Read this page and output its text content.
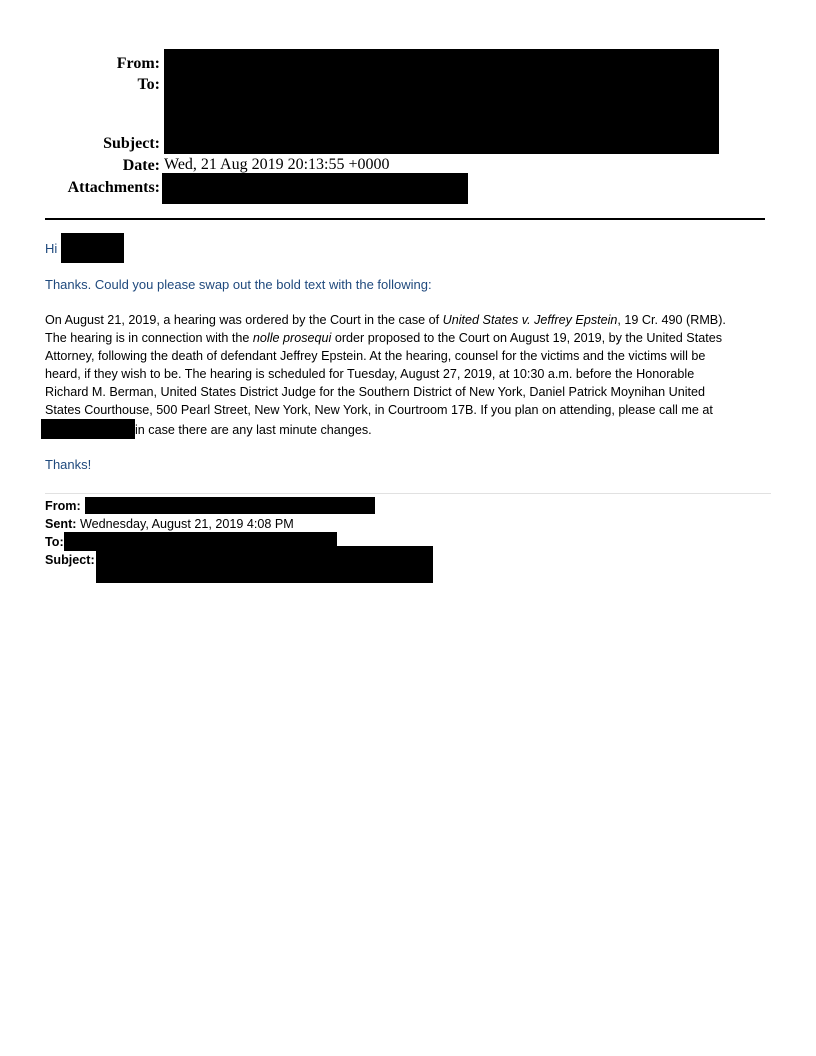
From:
To:
Subject:
Date: Wed, 21 Aug 2019 20:13:55 +0000
Attachments:
Hi
Thanks. Could you please swap out the bold text with the following:
On August 21, 2019, a hearing was ordered by the Court in the case of United States v. Jeffrey Epstein, 19 Cr. 490 (RMB).
The hearing is in connection with the nolle prosequi order proposed to the Court on August 19, 2019, by the United States
Attorney, following the death of defendant Jeffrey Epstein. At the hearing, counsel for the victims and the victims will be
heard, if they wish to be. The hearing is scheduled for Tuesday, August 27, 2019, at 10:30 a.m. before the Honorable
Richard M. Berman, United States District Judge for the Southern District of New York, Daniel Patrick Moynihan United
States Courthouse, 500 Pearl Street, New York, New York, in Courtroom 17B. If you plan on attending, please call me at
in case there are any last minute changes.
Thanks!
From:
Sent: Wednesday, August 21, 2019 4:08 PM
To:
Subject:
